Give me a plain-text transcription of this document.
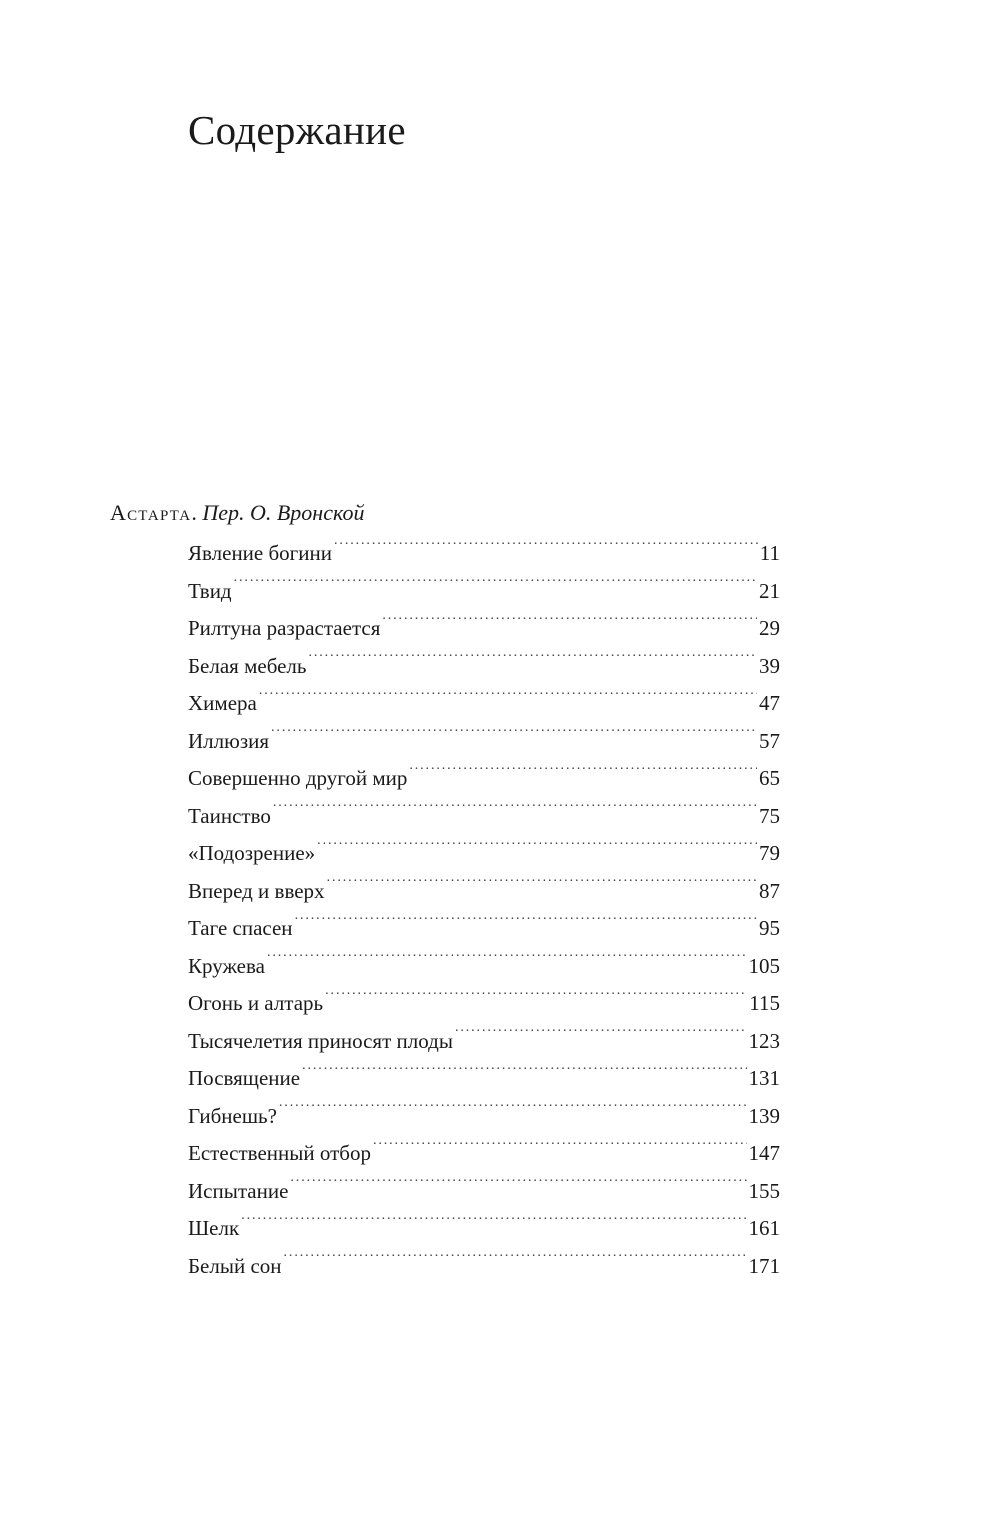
Содержание
Астарта. Пер. О. Вронской
Явление богини . . .	11
Твид . . .	21
Рилтуна разрастается . . .	29
Белая мебель . . .	39
Химера . . .	47
Иллюзия . . .	57
Совершенно другой мир . . .	65
Таинство . . .	75
«Подозрение» . . .	79
Вперед и вверх . . .	87
Таге спасен . . .	95
Кружева . . .	105
Огонь и алтарь . . .	115
Тысячелетия приносят плоды . . .	123
Посвящение . . .	131
Гибнешь? . . .	139
Естественный отбор . . .	147
Испытание . . .	155
Шелк . . .	161
Белый сон . . .	171
